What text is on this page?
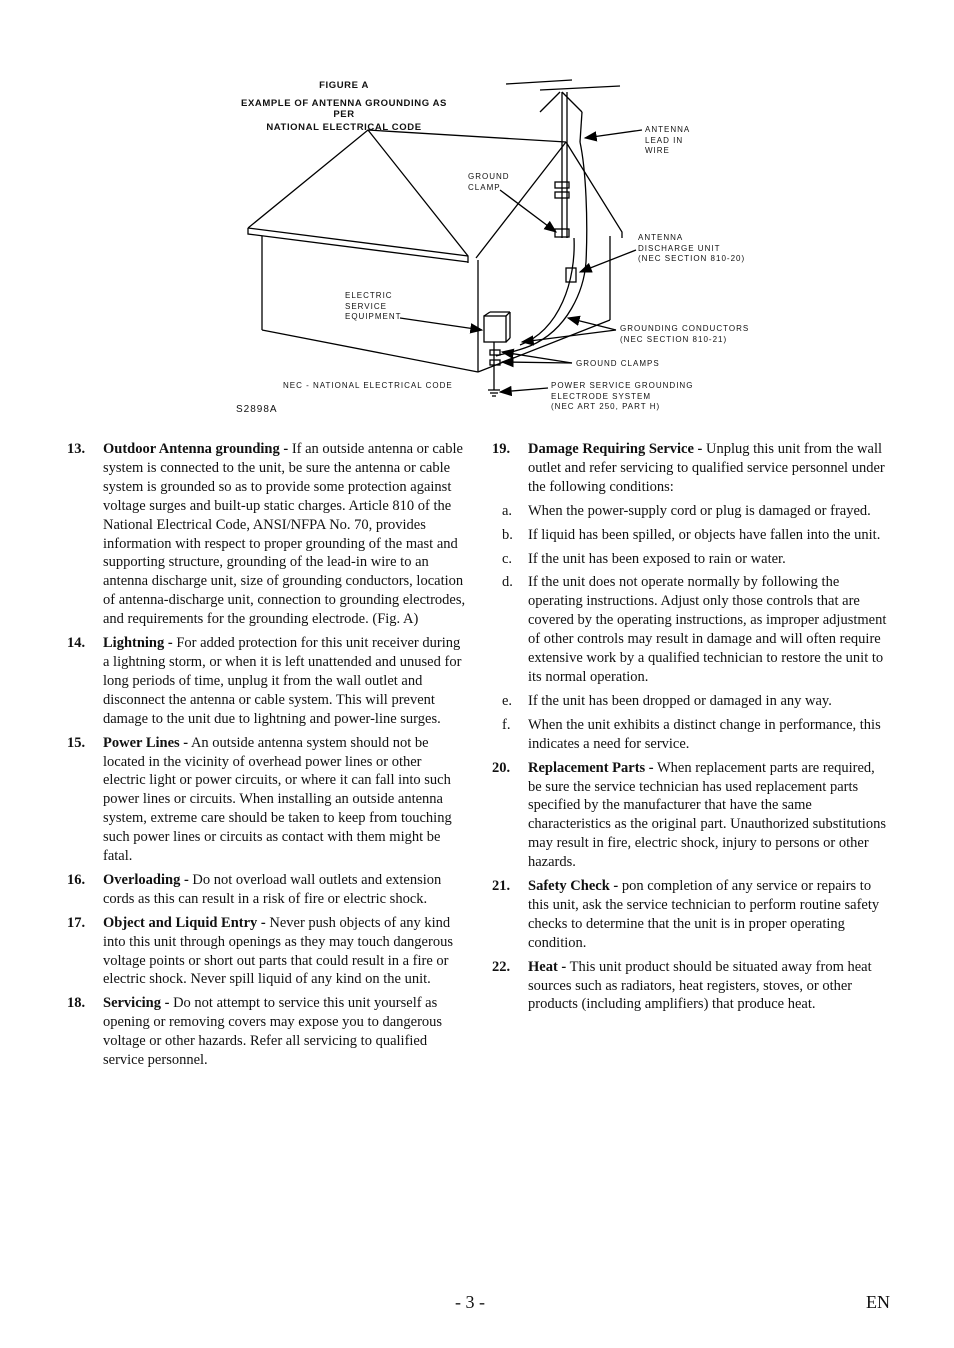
FIGURE A
EXAMPLE OF ANTENNA GROUNDING AS PER
NATIONAL ELECTRICAL CODE	ANTENNA
LEAD IN
WIRE
GROUND
CLAMP
ANTENNA
DISCHARGE UNIT
(NEC SECTION 810-20)
ELECTRIC
SERVICE
EQUIPMENT
GROUNDING CONDUCTORS
(NEC SECTION 810-21)
GROUND CLAMPS
NEC - NATIONAL ELECTRICAL CODE	POWER SERVICE GROUNDING
ELECTRODE SYSTEM
(NEC ART 250, PART H)
S2898A
13. Outdoor Antenna grounding - If an outside antenna or cable system is connected to the unit, be sure the antenna or cable system is grounded so as to provide some protection against voltage surges and built-up static charges. Article 810 of the National Electrical Code, ANSI/NFPA No. 70, provides information with respect to proper grounding of the mast and supporting structure, grounding of the lead-in wire to an antenna discharge unit, size of grounding conductors, location of antenna-discharge unit, connection to grounding electrodes, and requirements for the grounding electrode. (Fig. A)
14. Lightning - For added protection for this unit receiver during a lightning storm, or when it is left unattended and unused for long periods of time, unplug it from the wall outlet and disconnect the antenna or cable system. This will prevent damage to the unit due to lightning and power-line surges.
15. Power Lines - An outside antenna system should not be located in the vicinity of overhead power lines or other electric light or power circuits, or where it can fall into such power lines or circuits. When installing an outside antenna system, extreme care should be taken to keep from touching such power lines or circuits as contact with them might be fatal.
16. Overloading - Do not overload wall outlets and extension cords as this can result in a risk of fire or electric shock.
17. Object and Liquid Entry - Never push objects of any kind into this unit through openings as they may touch dangerous voltage points or short out parts that could result in a fire or electric shock. Never spill liquid of any kind on the unit.
18. Servicing - Do not attempt to service this unit yourself as opening or removing covers may expose you to dangerous voltage or other hazards. Refer all servicing to qualified service personnel.
19. Damage Requiring Service - Unplug this unit from the wall outlet and refer servicing to qualified service personnel under the following conditions:
a. When the power-supply cord or plug is damaged or frayed.
b. If liquid has been spilled, or objects have fallen into the unit.
c. If the unit has been exposed to rain or water.
d. If the unit does not operate normally by following the operating instructions. Adjust only those controls that are covered by the operating instructions, as improper adjustment of other controls may result in damage and will often require extensive work by a qualified technician to restore the unit to its normal operation.
e. If the unit has been dropped or damaged in any way.
f. When the unit exhibits a distinct change in performance, this indicates a need for service.
20. Replacement Parts - When replacement parts are required, be sure the service technician has used replacement parts specified by the manufacturer that have the same characteristics as the original part. Unauthorized substitutions may result in fire, electric shock, injury to persons or other hazards.
21. Safety Check - pon completion of any service or repairs to this unit, ask the service technician to perform routine safety checks to determine that the unit is in proper operating condition.
22. Heat - This unit product should be situated away from heat sources such as radiators, heat registers, stoves, or other products (including amplifiers) that produce heat.
- 3 -	EN
